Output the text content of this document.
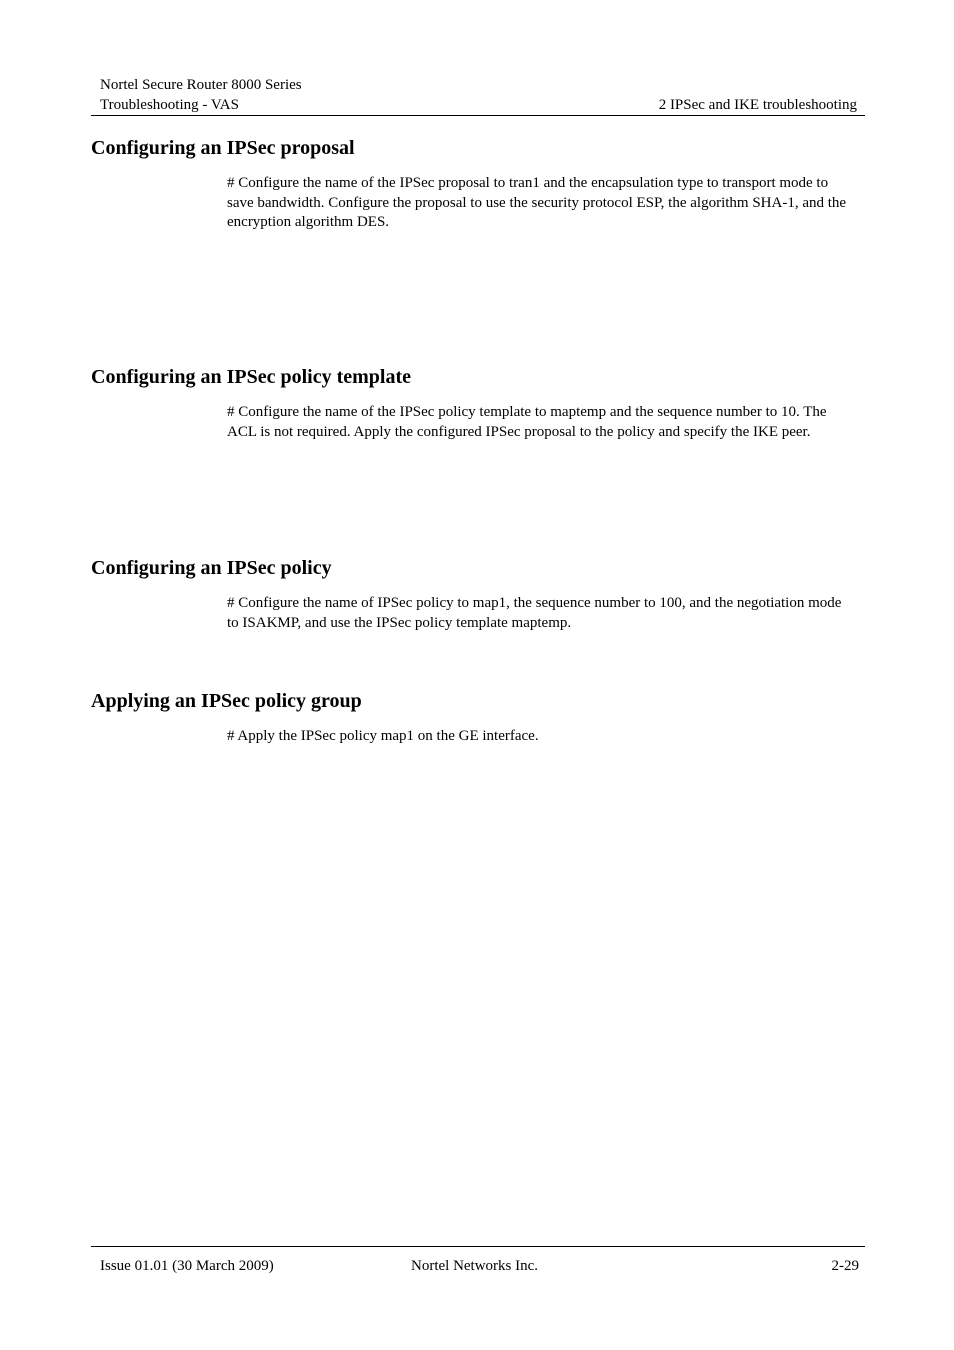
Nortel Secure Router 8000 Series
Troubleshooting - VAS	2 IPSec and IKE troubleshooting
Configuring an IPSec proposal

# Configure the name of the IPSec proposal to tran1 and the encapsulation type to transport mode to save bandwidth. Configure the proposal to use the security protocol ESP, the algorithm SHA-1, and the encryption algorithm DES.

Configuring an IPSec policy template

# Configure the name of the IPSec policy template to maptemp and the sequence number to 10. The ACL is not required. Apply the configured IPSec proposal to the policy and specify the IKE peer.

Configuring an IPSec policy

# Configure the name of IPSec policy to map1, the sequence number to 100, and the negotiation mode to ISAKMP, and use the IPSec policy template maptemp.

Applying an IPSec policy group

# Apply the IPSec policy map1 on the GE interface.

Issue 01.01 (30 March 2009)	Nortel Networks Inc.	2-29
